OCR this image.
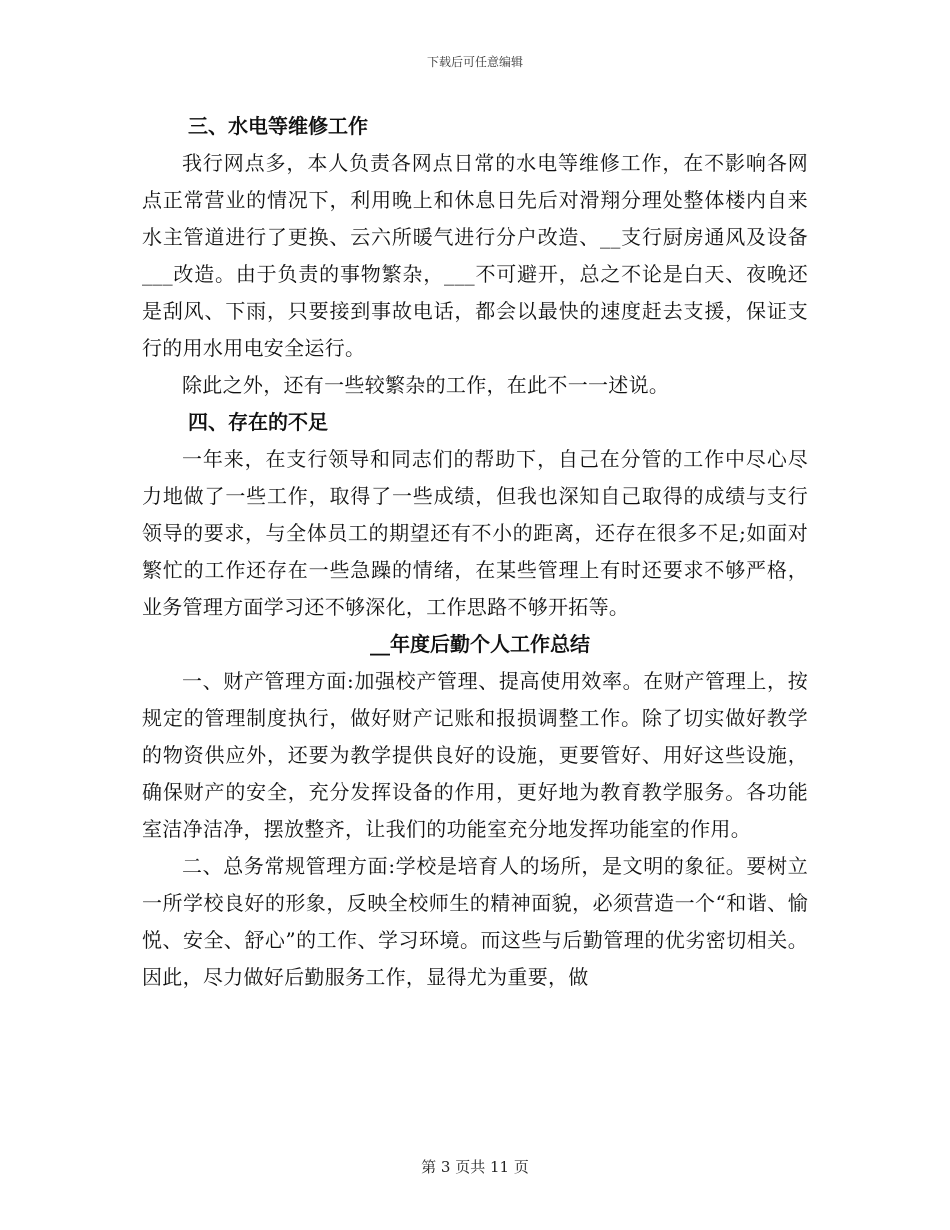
下载后可任意编辑
三、水电等维修工作

我行网点多，本人负责各网点日常的水电等维修工作，在不影响各网点正常营业的情况下，利用晚上和休息日先后对滑翔分理处整体楼内自来水主管道进行了更换、云六所暖气进行分户改造、__支行厨房通风及设备___改造。由于负责的事物繁杂，___不可避开，总之不论是白天、夜晚还是刮风、下雨，只要接到事故电话，都会以最快的速度赶去支援，保证支行的用水用电安全运行。

除此之外，还有一些较繁杂的工作，在此不一一述说。

四、存在的不足

一年来，在支行领导和同志们的帮助下，自己在分管的工作中尽心尽力地做了一些工作，取得了一些成绩，但我也深知自己取得的成绩与支行领导的要求，与全体员工的期望还有不小的距离，还存在很多不足;如面对繁忙的工作还存在一些急躁的情绪，在某些管理上有时还要求不够严格，业务管理方面学习还不够深化，工作思路不够开拓等。

__年度后勤个人工作总结

一、财产管理方面:加强校产管理、提高使用效率。在财产管理上，按规定的管理制度执行，做好财产记账和报损调整工作。除了切实做好教学的物资供应外，还要为教学提供良好的设施，更要管好、用好这些设施，确保财产的安全，充分发挥设备的作用，更好地为教育教学服务。各功能室洁净洁净，摆放整齐，让我们的功能室充分地发挥功能室的作用。

二、总务常规管理方面:学校是培育人的场所，是文明的象征。要树立一所学校良好的形象，反映全校师生的精神面貌，必须营造一个“和谐、愉悦、安全、舒心”的工作、学习环境。而这些与后勤管理的优劣密切相关。因此，尽力做好后勤服务工作，显得尤为重要，做

第 3 页共 11 页
